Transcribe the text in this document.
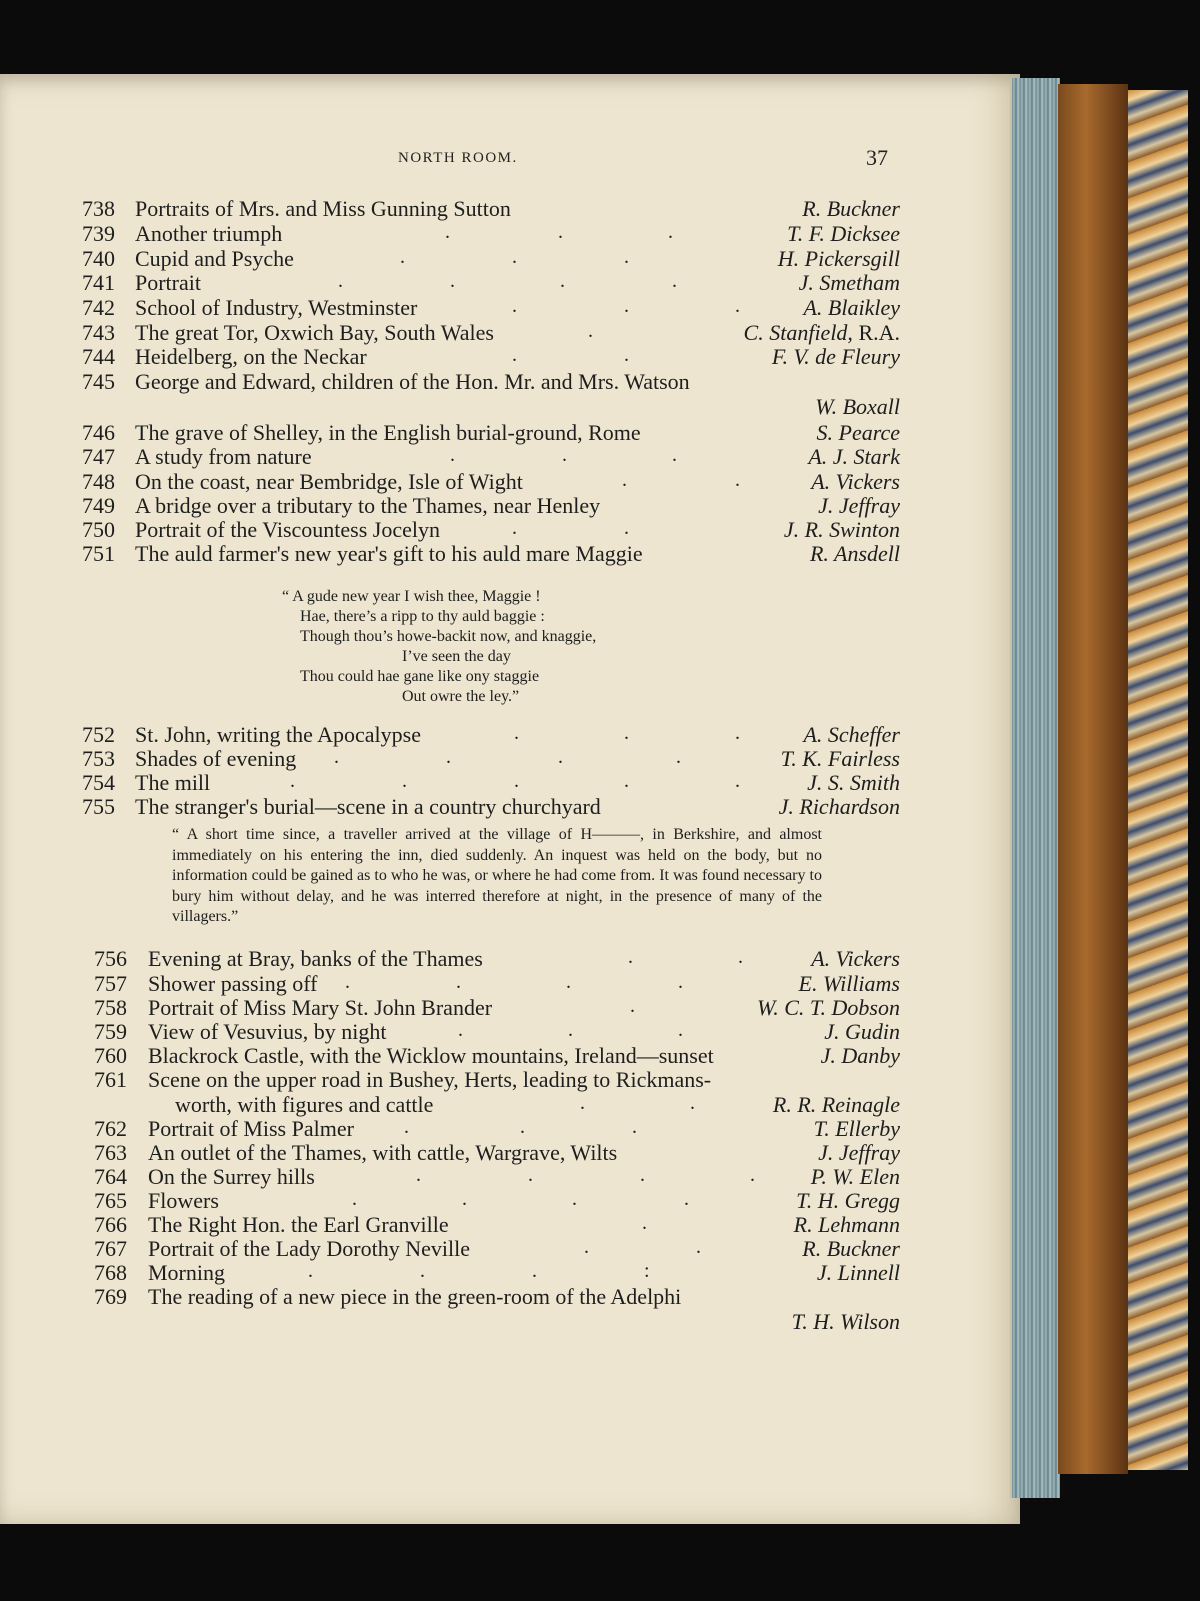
NORTH ROOM.	37
738 Portraits of Mrs. and Miss Gunning Sutton	R. Buckner
739 Another triumph	.	.	.	T. F. Dicksee
740 Cupid and Psyche	.	.	.	H. Pickersgill
741 Portrait	.	.	.	.	J. Smetham
742 School of Industry, Westminster	.	.	.	A. Blaikley
743 The great Tor, Oxwich Bay, South Wales	.	C. Stanfield, R.A.
744 Heidelberg, on the Neckar	.	.	F. V. de Fleury
745 George and Edward, children of the Hon. Mr. and Mrs. Watson
W. Boxall
746 The grave of Shelley, in the English burial-ground, Rome	S. Pearce
747 A study from nature	.	.	.	A. J. Stark
748 On the coast, near Bembridge, Isle of Wight	.	.	A. Vickers
749 A bridge over a tributary to the Thames, near Henley	J. Jeffray
750 Portrait of the Viscountess Jocelyn	.	.	J. R. Swinton
751 The auld farmer's new year's gift to his auld mare Maggie	R. Ansdell
“ A gude new year I wish thee, Maggie !
Hae, there’s a ripp to thy auld baggie :
Though thou’s howe-backit now, and knaggie,
I’ve seen the day
Thou could hae gane like ony staggie
Out owre the ley.”
752 St. John, writing the Apocalypse	.	.	.	A. Scheffer
753 Shades of evening .	.	.	.	T. K. Fairless
754 The mill	.	.	.	.	.	J. S. Smith
755 The stranger's burial—scene in a country churchyard	J. Richardson
“ A short time since, a traveller arrived at the village of H———, in Berkshire, and almost immediately on his entering the inn, died suddenly. An inquest was held on the body, but no information could be gained as to who he was, or where he had come from. It was found necessary to bury him without delay, and he was interred therefore at night, in the presence of many of the villagers.”
756 Evening at Bray, banks of the Thames	.	.	A. Vickers
757 Shower passing off .	.	.	.	E. Williams
758 Portrait of Miss Mary St. John Brander	.	W. C. T. Dobson
759 View of Vesuvius, by night	.	.	.	J. Gudin
760 Blackrock Castle, with the Wicklow mountains, Ireland—sunset	J. Danby
761 Scene on the upper road in Bushey, Herts, leading to Rickmans-
worth, with figures and cattle	.	.	R. R. Reinagle
762 Portrait of Miss Palmer	.	.	.	T. Ellerby
763 An outlet of the Thames, with cattle, Wargrave, Wilts	J. Jeffray
764 On the Surrey hills	.	.	.	.	P. W. Elen
765 Flowers	.	.	.	.	T. H. Gregg
766 The Right Hon. the Earl Granville	.	R. Lehmann
767 Portrait of the Lady Dorothy Neville	.	.	R. Buckner
768 Morning	.	.	.	:	J. Linnell
769 The reading of a new piece in the green-room of the Adelphi
T. H. Wilson
